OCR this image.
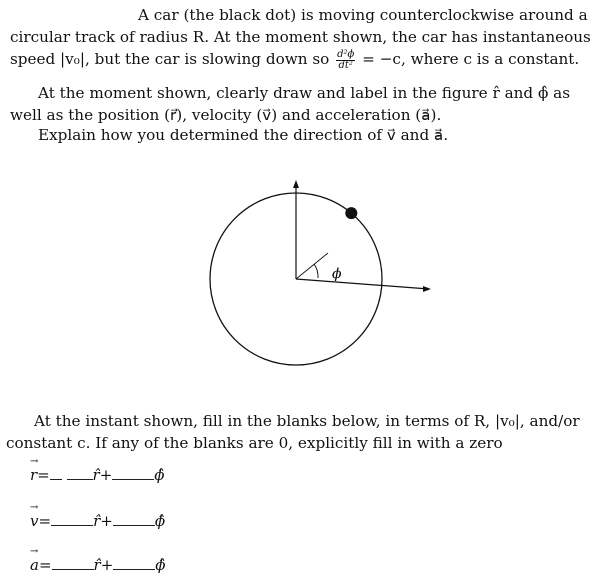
A car (the black dot) is moving counterclockwise around a
circular track of radius R. At the moment shown, the car has instantaneous
speed |v₀|, but the car is slowing down so $\frac{\text{d²ϕ}}{\text{dt²}} = -c$, where c is a constant.
At the moment shown, clearly draw and label in the figure r̂ and ϕ̂ as
well as the position (r⃗), velocity (v⃗) and acceleration (a⃗).
Explain how you determined the direction of v⃗ and a⃗.
ϕ
At the instant shown, fill in the blanks below, in terms of R, |v₀|, and/or
constant c. If any of the blanks are 0, explicitly fill in with a zero
→ r=	r̂+	ϕ̂
→ v=	r̂+	ϕ̂
→ a=	r̂+	ϕ̂
